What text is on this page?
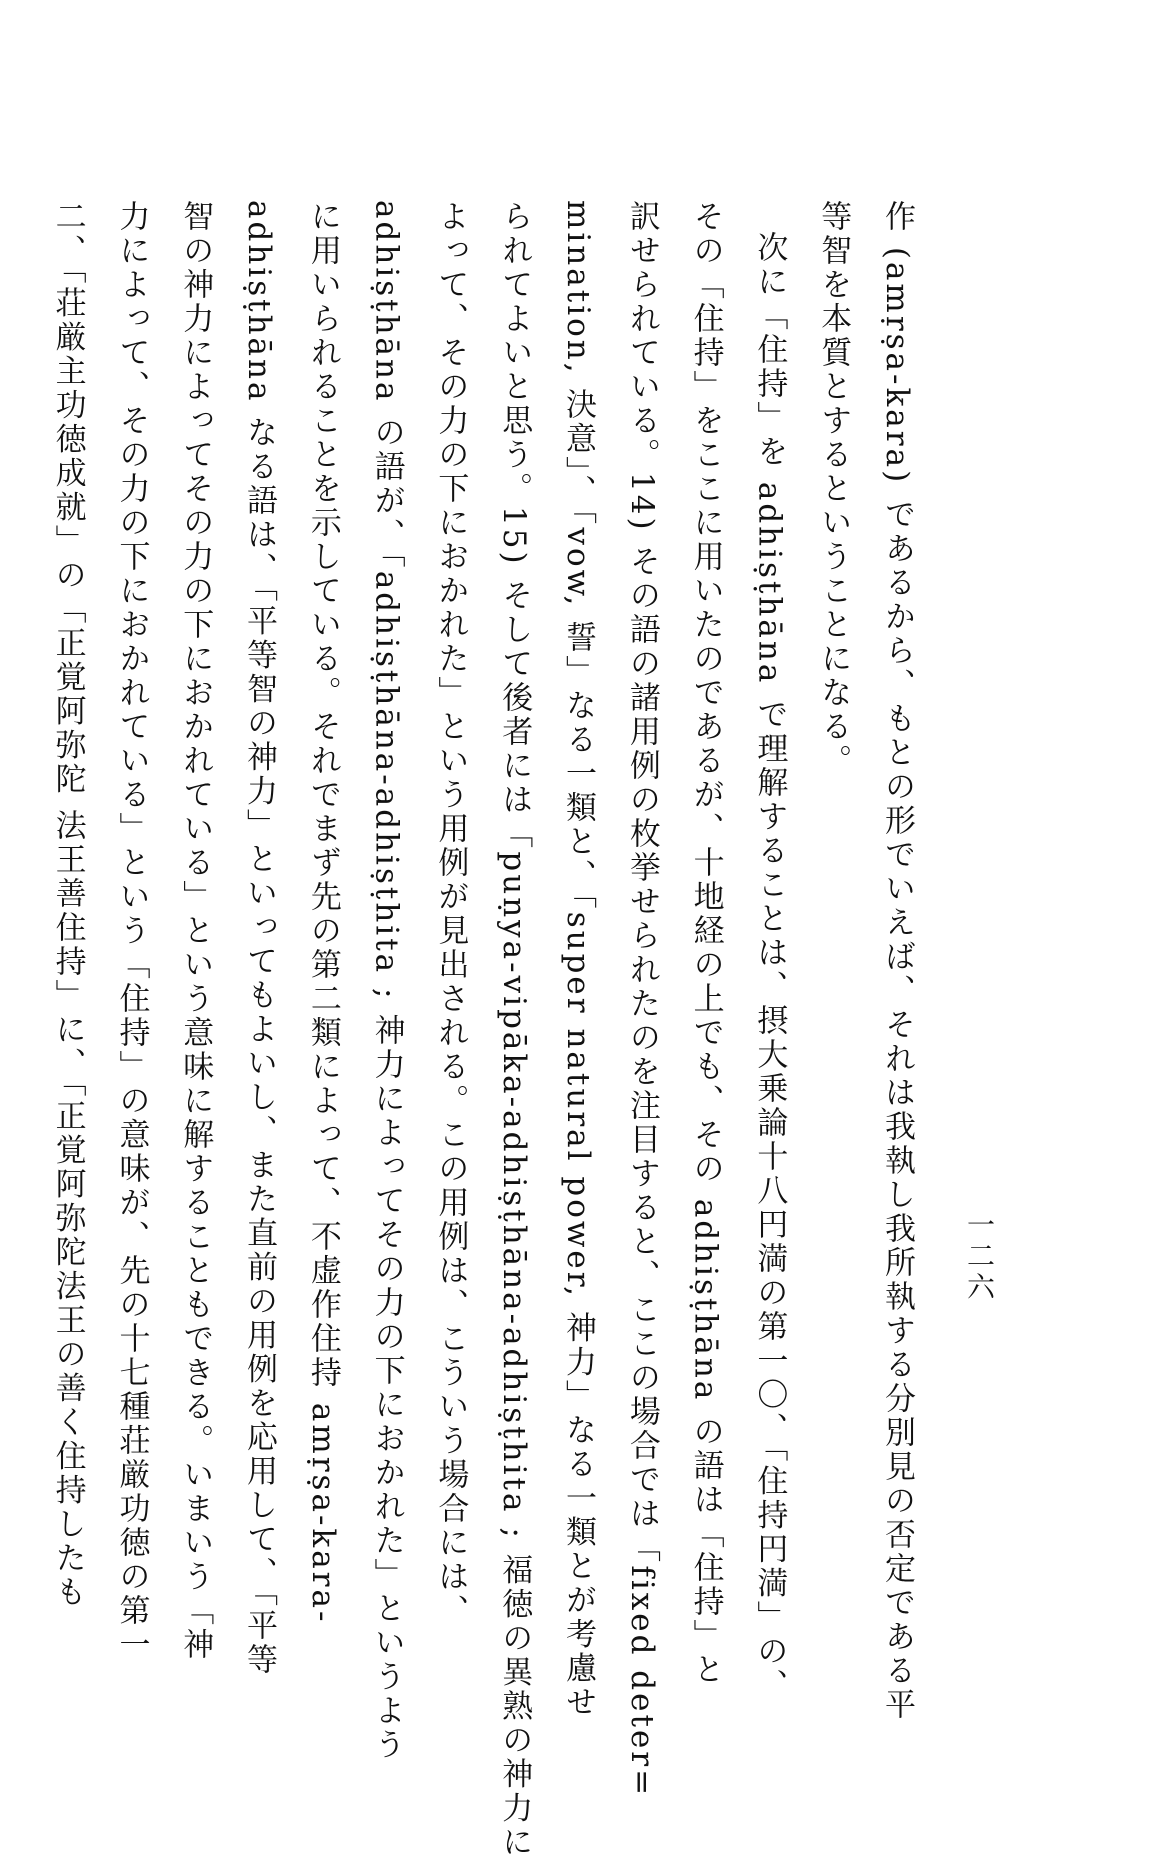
一二六
作 (amṛṣa-kara) であるから、もとの形でいえば、それは我執し我所執する分別見の否定である平
等智を本質とするということになる。
次に「住持」を adhiṣṭhāna で理解することは、摂大乗論十八円満の第一〇、「住持円満」の、
その「住持」をここに用いたのであるが、十地経の上でも、その adhiṣṭhāna の語は「住持」と
訳せられている。14) その語の諸用例の枚挙せられたのを注目すると、ここの場合では「fixed deter=
mination, 決意」、「vow, 誓」なる一類と、「super natural power, 神力」なる一類とが考慮せ
られてよいと思う。15) そして後者には「puṇya-vipāka-adhiṣṭhāna-adhiṣṭhita ; 福徳の異熟の神力に
よって、その力の下におかれた」という用例が見出される。この用例は、こういう場合には、
adhiṣṭhāna の語が、「adhiṣṭhāna-adhiṣṭhita ; 神力によってその力の下におかれた」というよう
に用いられることを示している。それでまず先の第二類によって、不虚作住持 amṛṣa-kara-
adhiṣṭhāna なる語は、「平等智の神力」といってもよいし、また直前の用例を応用して、「平等
智の神力によってその力の下におかれている」という意味に解することもできる。いまいう「神
力によって、その力の下におかれている」という「住持」の意味が、先の十七種荘厳功徳の第一
二、「荘厳主功徳成就」の「正覚阿弥陀 法王善住持」に、「正覚阿弥陀法王の善く住持したも
